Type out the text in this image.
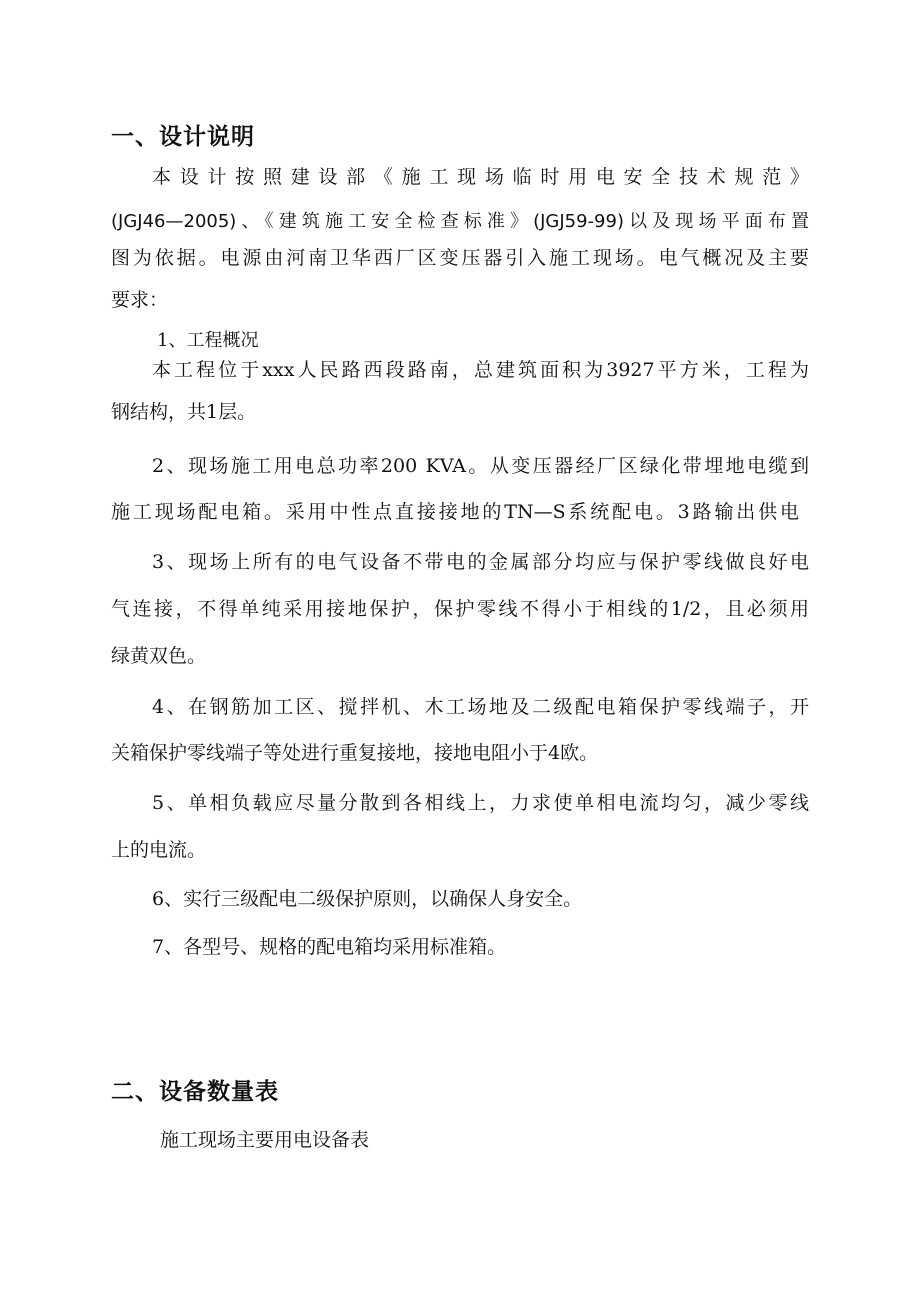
一、设计说明

本设计按照建设部《施工现场临时用电安全技术规范》

(JGJ46—2005)、《建筑施工安全检查标准》(JGJ59-99)以及现场平面布置

图为依据。电源由河南卫华西厂区变压器引入施工现场。电气概况及主要

要求：

1、工程概况

本工程位于xxx人民路西段路南，总建筑面积为3927平方米，工程为

钢结构，共1层。

2、现场施工用电总功率200 KVA。从变压器经厂区绿化带埋地电缆到

施工现场配电箱。采用中性点直接接地的TN—S系统配电。3路输出供电

3、现场上所有的电气设备不带电的金属部分均应与保护零线做良好电

气连接，不得单纯采用接地保护，保护零线不得小于相线的1/2，且必须用

绿黄双色。

4、在钢筋加工区、搅拌机、木工场地及二级配电箱保护零线端子，开

关箱保护零线端子等处进行重复接地，接地电阻小于4欧。

5、单相负载应尽量分散到各相线上，力求使单相电流均匀，减少零线

上的电流。

6、实行三级配电二级保护原则，以确保人身安全。

7、各型号、规格的配电箱均采用标准箱。

二、设备数量表

施工现场主要用电设备表
